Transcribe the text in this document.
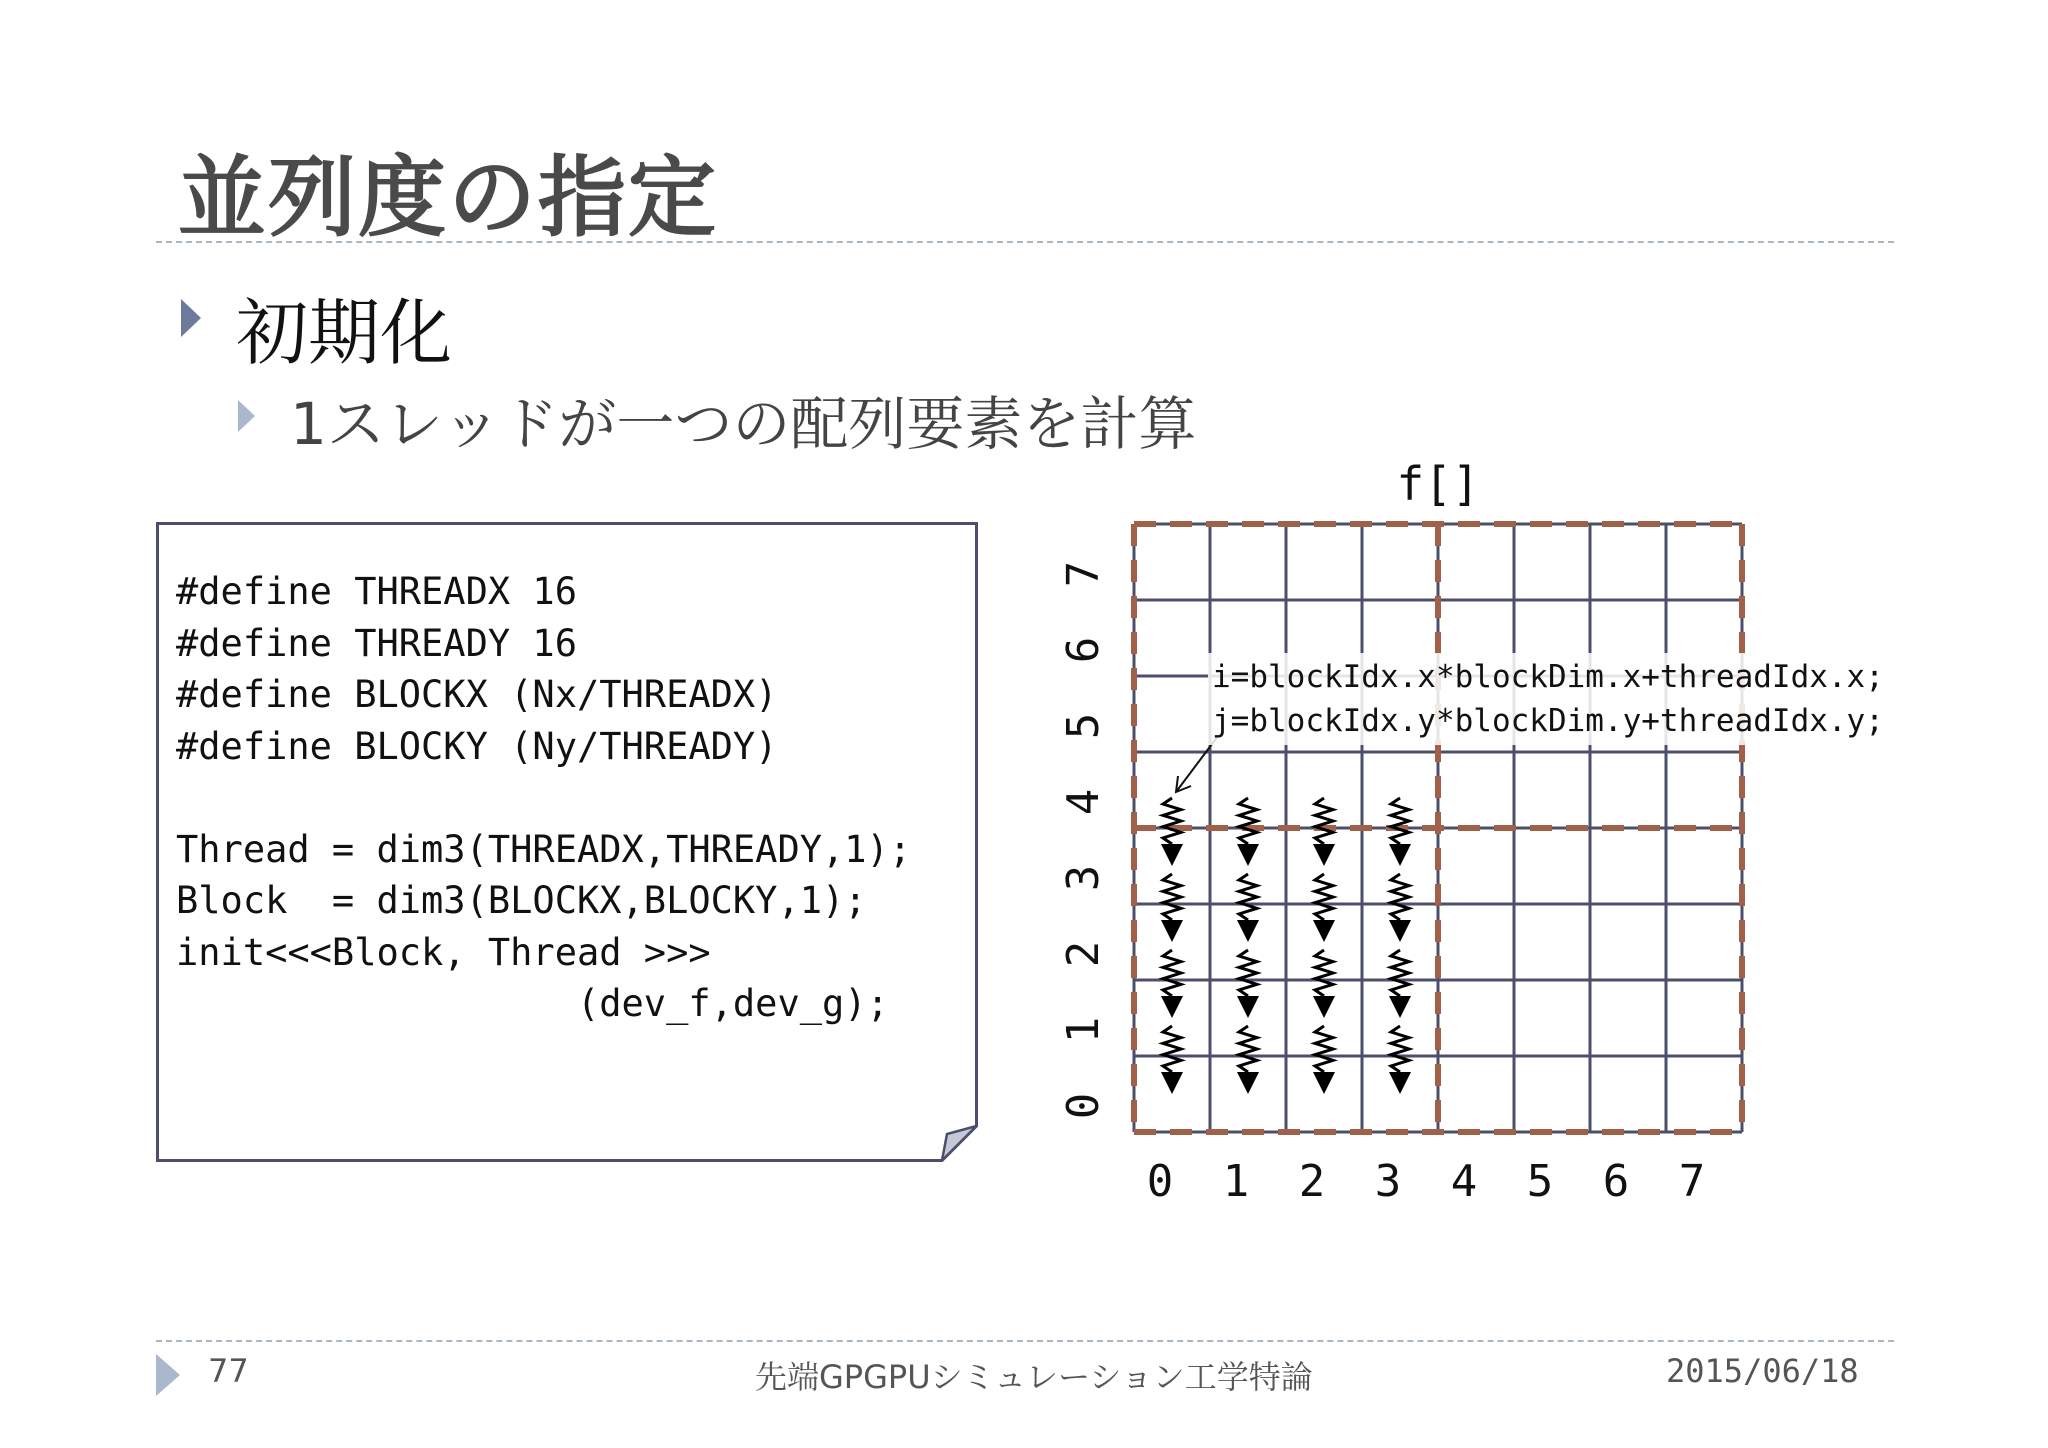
並列度の指定
初期化
1スレッドが一つの配列要素を計算
#define THREADX 16
#define THREADY 16
#define BLOCKX (Nx/THREADX)
#define BLOCKY (Ny/THREADY)
Thread = dim3(THREADX,THREADY,1);
Block  = dim3(BLOCKX,BLOCKY,1);
init<<<Block, Thread >>>
(dev_f,dev_g);
f[]
0 1 2 3 4 5 6 7
0
1
2
3
4
5
6
7
i=blockIdx.x*blockDim.x+threadIdx.x;
j=blockIdx.y*blockDim.y+threadIdx.y;
77	先端GPGPUシミュレーション工学特論	2015/06/18
